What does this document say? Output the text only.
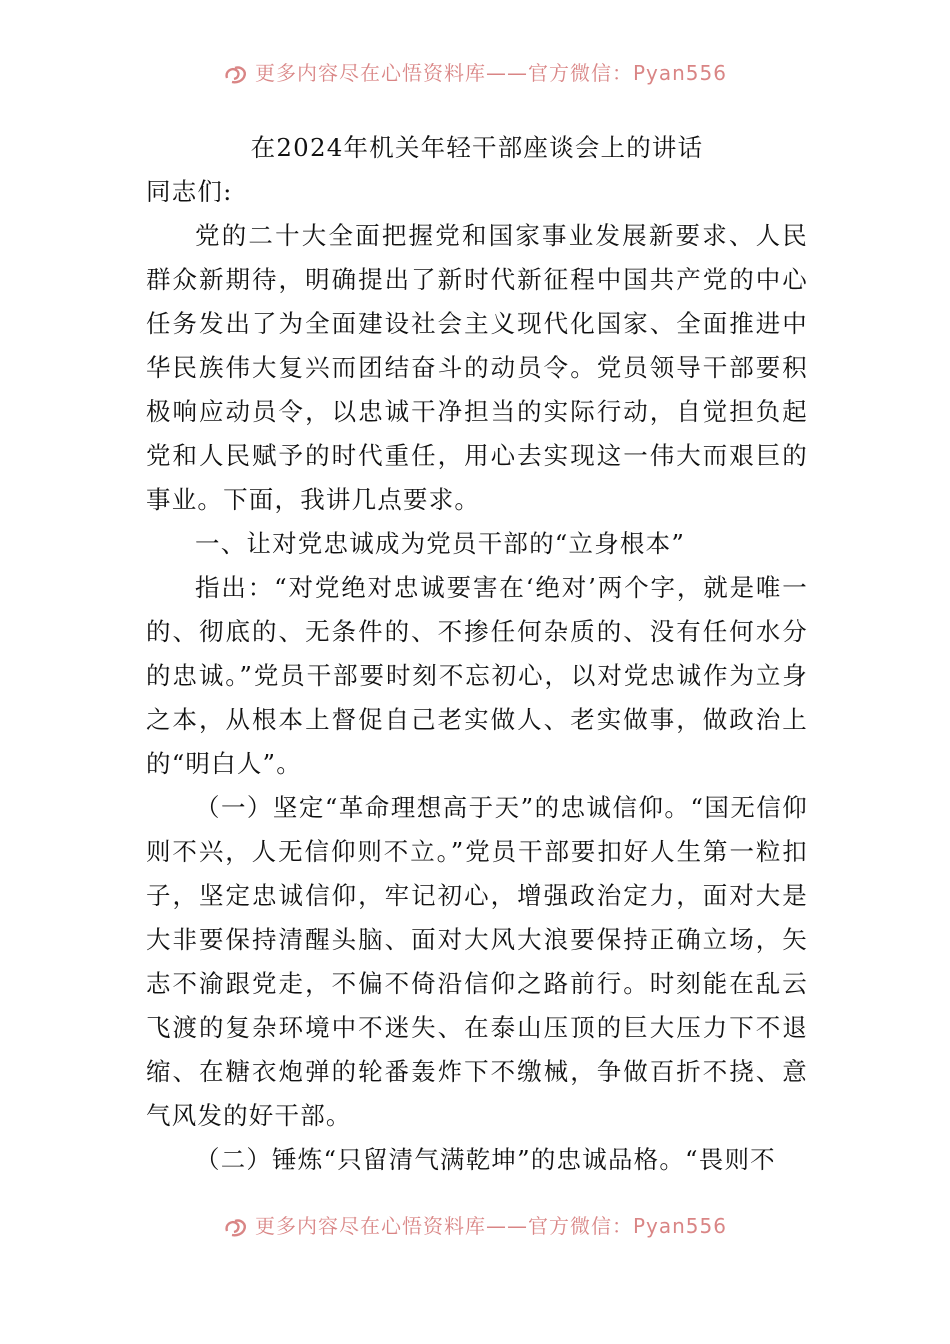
更多内容尽在心悟资料库——官方微信：Pyan556
在2024年机关年轻干部座谈会上的讲话

同志们:

党的二十大全面把握党和国家事业发展新要求、人民群众新期待，明确提出了新时代新征程中国共产党的中心任务发出了为全面建设社会主义现代化国家、全面推进中华民族伟大复兴而团结奋斗的动员令。党员领导干部要积极响应动员令，以忠诚干净担当的实际行动，自觉担负起党和人民赋予的时代重任，用心去实现这一伟大而艰巨的事业。下面，我讲几点要求。

一、让对党忠诚成为党员干部的“立身根本”

指出：“对党绝对忠诚要害在‘绝对’两个字，就是唯一的、彻底的、无条件的、不掺任何杂质的、没有任何水分的忠诚。”党员干部要时刻不忘初心，以对党忠诚作为立身之本，从根本上督促自己老实做人、老实做事，做政治上的“明白人”。

（一）坚定“革命理想高于天”的忠诚信仰。“国无信仰则不兴，人无信仰则不立。”党员干部要扣好人生第一粒扣子，坚定忠诚信仰，牢记初心，增强政治定力，面对大是大非要保持清醒头脑、面对大风大浪要保持正确立场，矢志不渝跟党走，不偏不倚沿信仰之路前行。时刻能在乱云飞渡的复杂环境中不迷失、在泰山压顶的巨大压力下不退缩、在糖衣炮弹的轮番轰炸下不缴械，争做百折不挠、意气风发的好干部。

（二）锤炼“只留清气满乾坤”的忠诚品格。“畏则不

更多内容尽在心悟资料库——官方微信：Pyan556
